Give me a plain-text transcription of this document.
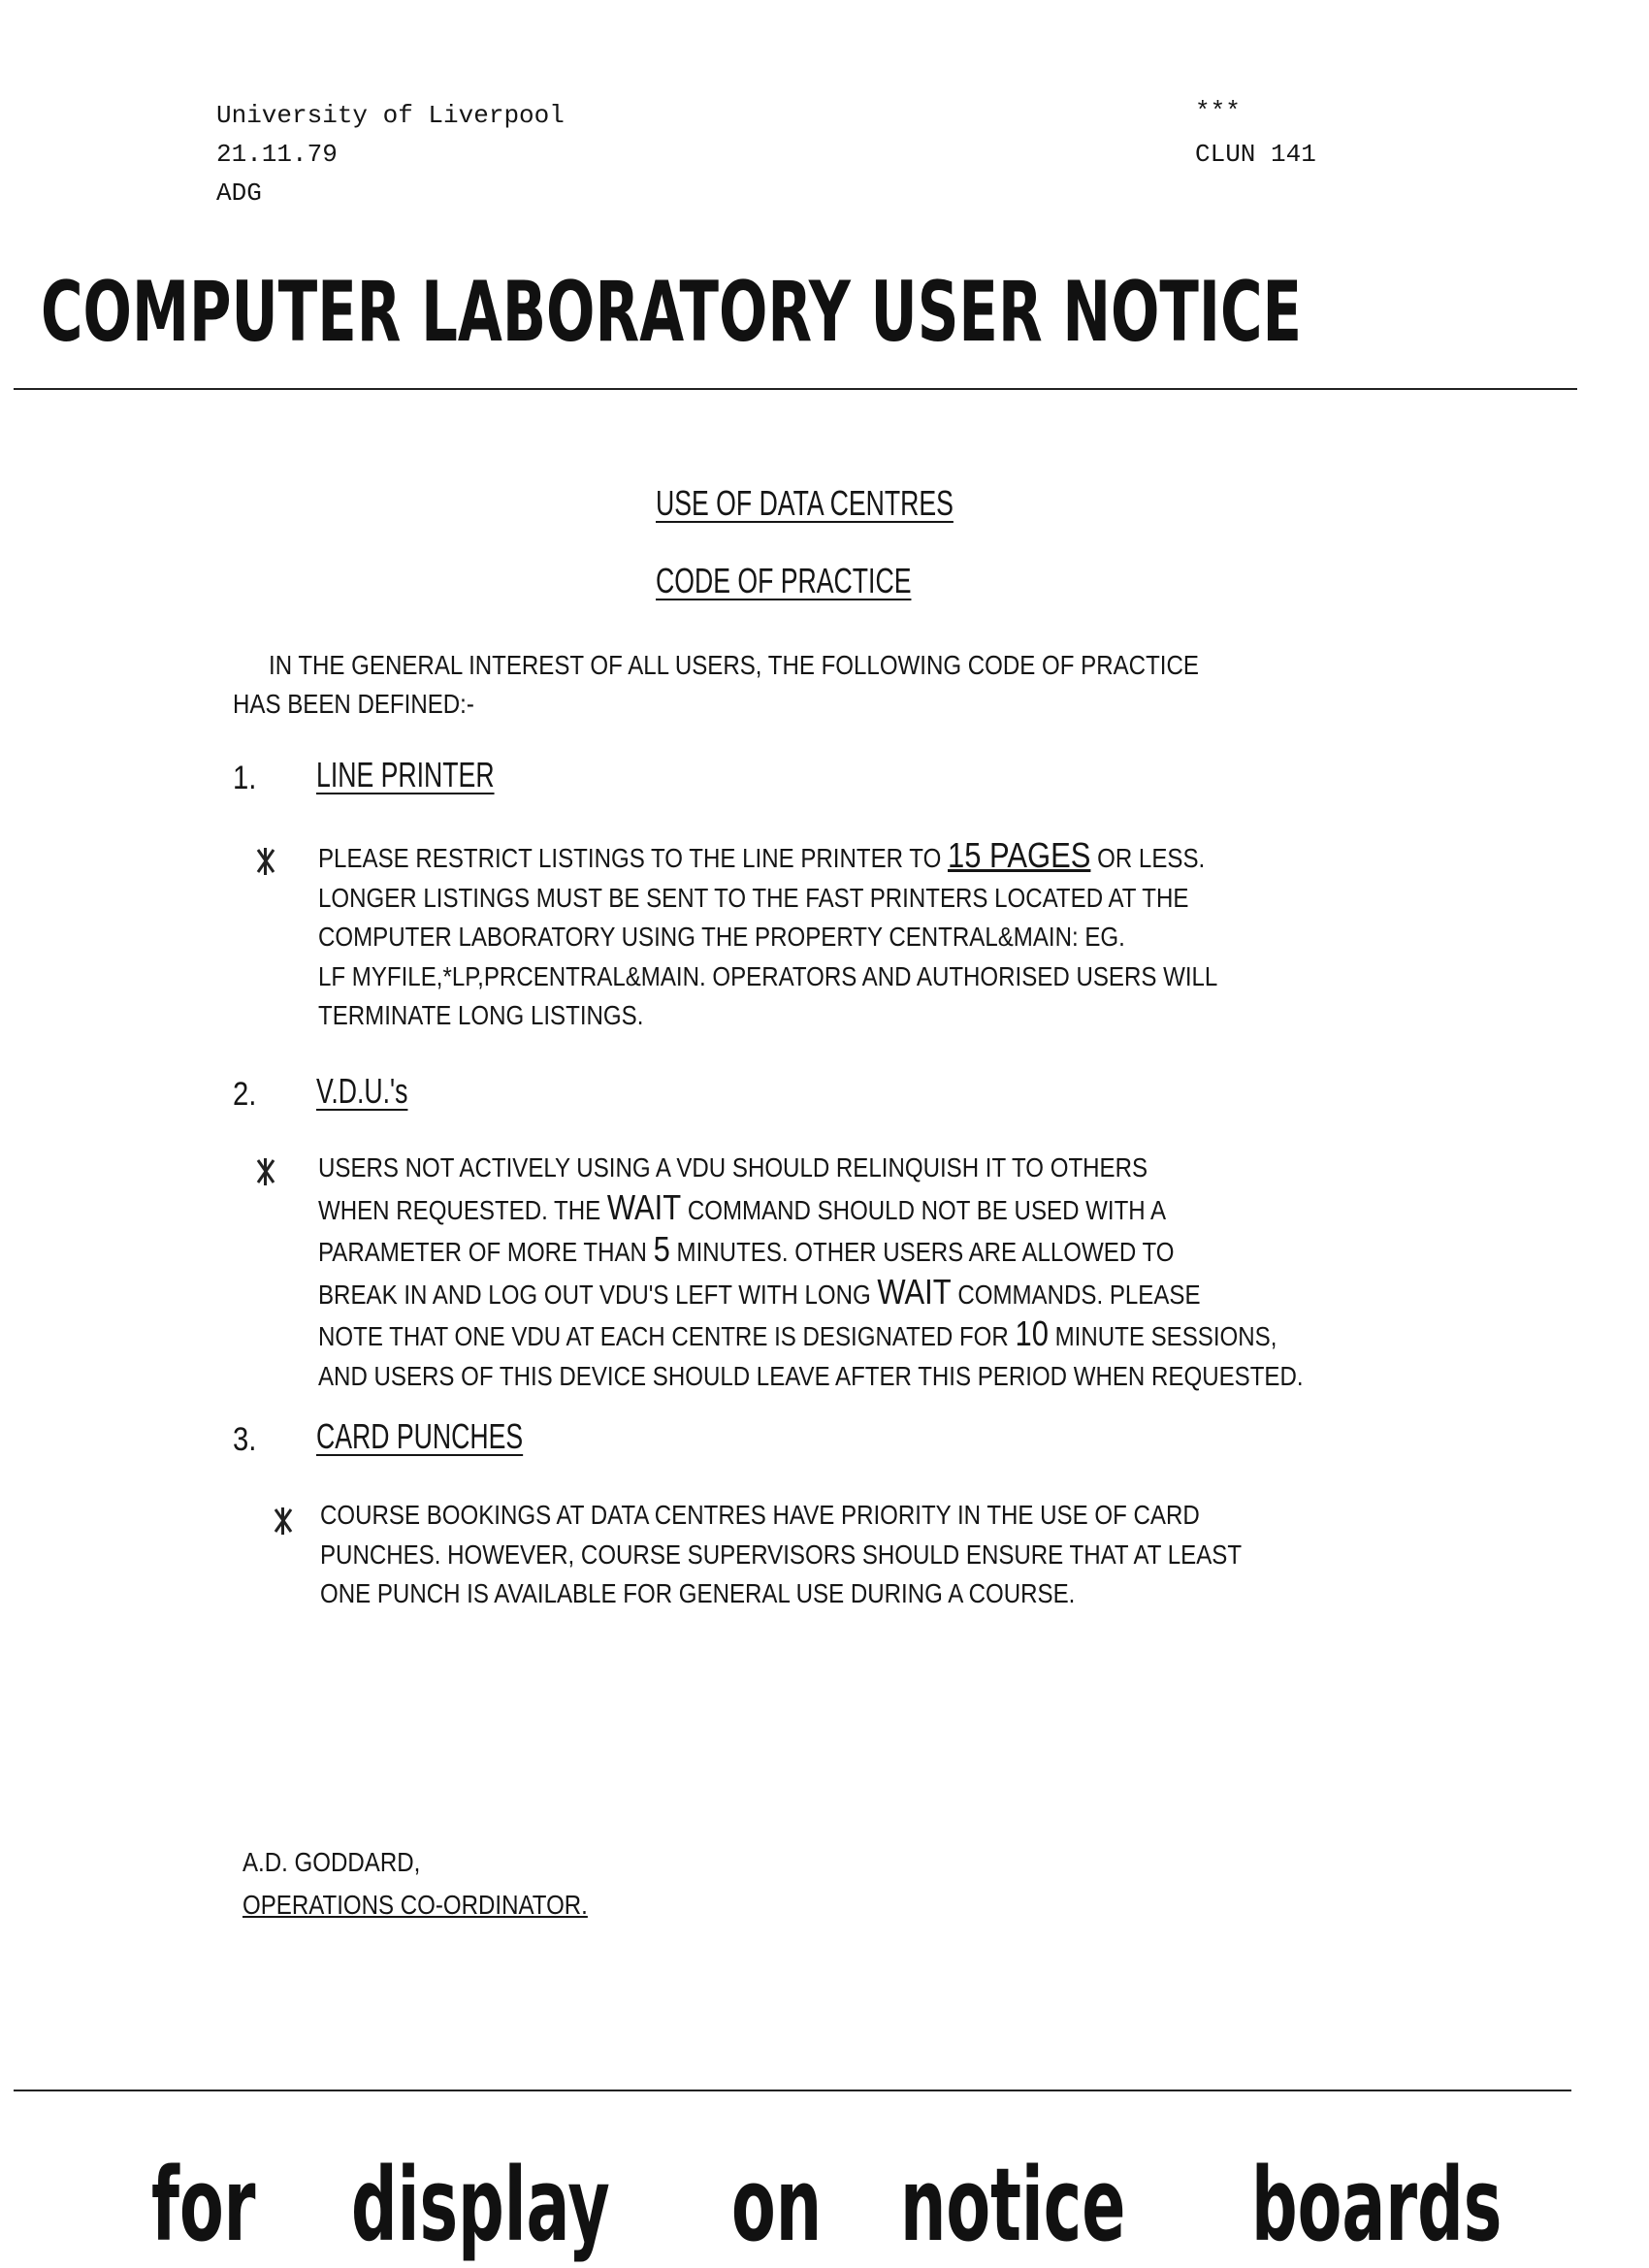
University of Liverpool
21.11.79
ADG
***
CLUN 141
COMPUTER LABORATORY USER NOTICE
USE OF DATA CENTRES
CODE OF PRACTICE
IN THE GENERAL INTEREST OF ALL USERS, THE FOLLOWING CODE OF PRACTICE
HAS BEEN DEFINED:-
1. LINE PRINTER
PLEASE RESTRICT LISTINGS TO THE LINE PRINTER TO 15 PAGES OR LESS.
LONGER LISTINGS MUST BE SENT TO THE FAST PRINTERS LOCATED AT THE
COMPUTER LABORATORY USING THE PROPERTY CENTRAL&MAIN: EG.
LF MYFILE,*LP,PRCENTRAL&MAIN. OPERATORS AND AUTHORISED USERS WILL
TERMINATE LONG LISTINGS.
2. V.D.U.'s
USERS NOT ACTIVELY USING A VDU SHOULD RELINQUISH IT TO OTHERS
WHEN REQUESTED. THE WAIT COMMAND SHOULD NOT BE USED WITH A
PARAMETER OF MORE THAN 5 MINUTES. OTHER USERS ARE ALLOWED TO
BREAK IN AND LOG OUT VDU'S LEFT WITH LONG WAIT COMMANDS. PLEASE
NOTE THAT ONE VDU AT EACH CENTRE IS DESIGNATED FOR 10 MINUTE SESSIONS,
AND USERS OF THIS DEVICE SHOULD LEAVE AFTER THIS PERIOD WHEN REQUESTED.
3. CARD PUNCHES
COURSE BOOKINGS AT DATA CENTRES HAVE PRIORITY IN THE USE OF CARD
PUNCHES. HOWEVER, COURSE SUPERVISORS SHOULD ENSURE THAT AT LEAST
ONE PUNCH IS AVAILABLE FOR GENERAL USE DURING A COURSE.
A.D. GODDARD,
OPERATIONS CO-ORDINATOR.
for display on notice boards
